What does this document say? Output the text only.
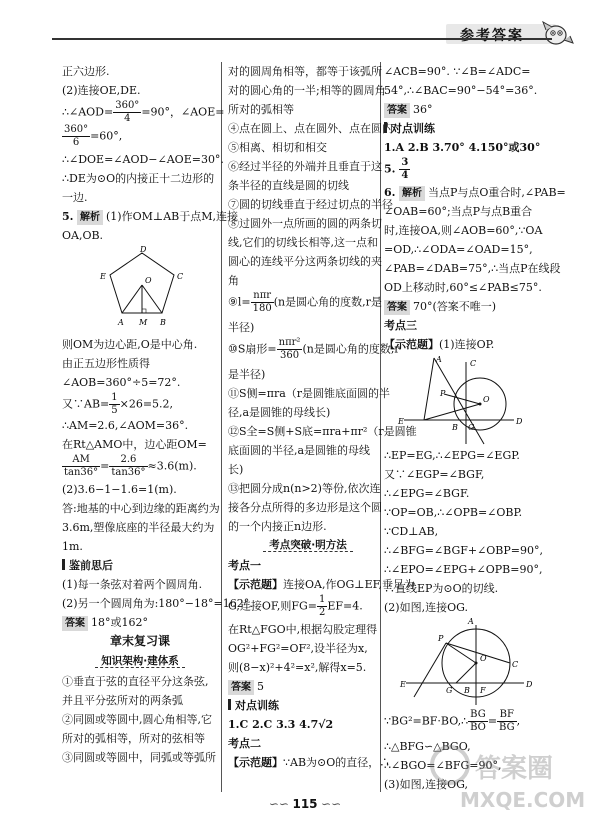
参考答案
正六边形.
(2)连接OE,DE.
∴∠AOD= $\frac{360^\circ}{4} =90^\circ$，∠AOE=
$\frac{360^\circ}{6} =60^\circ$,
∴∠DOE=∠AOD−∠AOE=30°.
∴DE为⊙O的内接正十二边形的
一边.
5. 解析 (1)作OM⊥AB于点M,连接
OA,OB.
E	C
O
D
A M B
则OM为边心距,O是中心角.
由正五边形性质得
∠AOB=360°÷5=72°.
又∵AB= $\frac{1}{5} \times 26=5.2$,
∴AM=2.6,∠AOM=36°.
在Rt△AMO中，边心距OM=
$\frac{AM}{\tan 36^\circ} = \frac{2.6}{\tan 36^\circ} \approx 3.6(m)$.
(2)3.6−1−1.6=1(m).
答:地基的中心到边缘的距离约为
3.6m,塑像底座的半径最大约为
1m.
鉴前思后
(1)每一条弦对着两个圆周角.
(2)另一个圆周角为:180°−18°=162°.
答案 18°或162°
章末复习课
知识架构·建体系
①垂直于弦的直径平分这条弦,
并且平分弦所对的两条弧
②同圆或等圆中,圆心角相等,它
所对的弧相等，所对的弦相等
③同圆或等圆中，同弧或等弧所
对的圆周角相等，都等于该弧所
对的圆心角的一半;相等的圆周角
所对的弧相等
④点在圆上、点在圆外、点在圆内
⑤相离、相切和相交
⑥经过半径的外端并且垂直于这
条半径的直线是圆的切线
⑦圆的切线垂直于经过切点的半径
⑧过圆外一点所画的圆的两条切
线,它们的切线长相等,这一点和
圆心的连线平分这两条切线的夹
角
⑨l= $\frac{\text{nπr}}{180} (n$是圆心角的度数,r是
半径)
⑩S扇形= $\frac{\text{nπr²}}{360} (n$是圆心角的度数,r
是半径)
⑪S侧=πra（r是圆锥底面圆的半
径,a是圆锥的母线长)
⑫S全=S侧+S底=πra+πr²（r是圆锥
底面圆的半径,a是圆锥的母线
长)
⑬把圆分成n(n>2)等份,依次连
接各分点所得的多边形是这个圆
的一个内接正n边形.
考点突破·明方法
考点一
【示范题】连接OA,作OG⊥EF,垂足为
G,连接OF,则$FG= \frac{1}{2} EF=4$.
在Rt△FGO中,根据勾股定理得
OG²+FG²=OF²,设半径为x,
则(8−x)²+4²=x²,解得x=5.
答案 5
对点训练
1.C 2.C 3.3 4.7√2
考点二
【示范题】∵AB为⊙O的直径，∴
∠ACB=90°. ∵∠B=∠ADC=
54°,∴∠BAC=90°−54°=36°.
答案 36°
对点训练
1.A 2.B 3.70° 4.150°或30°
5. $\frac{3}{4}$
6. 解析 当点P与点O重合时,∠PAB=
∠OAB=60°;当点P与点B重合
时,连接OA,则∠AOB=60°,∵OA
=OD,∴∠ODA=∠OAD=15°,
∠PAB=∠DAB=75°,∴当点P在线段
OD上移动时,60°≤∠PAB≤75°.
答案 70°(答案不唯一)
考点三
【示范题】(1)连接OP.
A
P
O
E
B G
C
D
∴EP=EG,∴∠EPG=∠EGP.
又∵∠EGP=∠BGF,
∴∠EPG=∠BGF.
∵OP=OB,∴∠OPB=∠OBP.
∵CD⊥AB,
∴∠BFG=∠BGF+∠OBP=90°,
∴∠EPO=∠EPG+∠OPB=90°,
∴直线EP为⊙O的切线.
(2)如图,连接OG.
A
P
O
E
G B F
C
D
∵BG²=BF·BO,∴ $\frac{BG}{BO} = \frac{BF}{BG}$ ,
∴△BFG∽△BGO,
∴∠BGO=∠BFG=90°,
(3)如图,连接OG,
答案圈
MXQE.COM
∽∽ 115 ∽∽
